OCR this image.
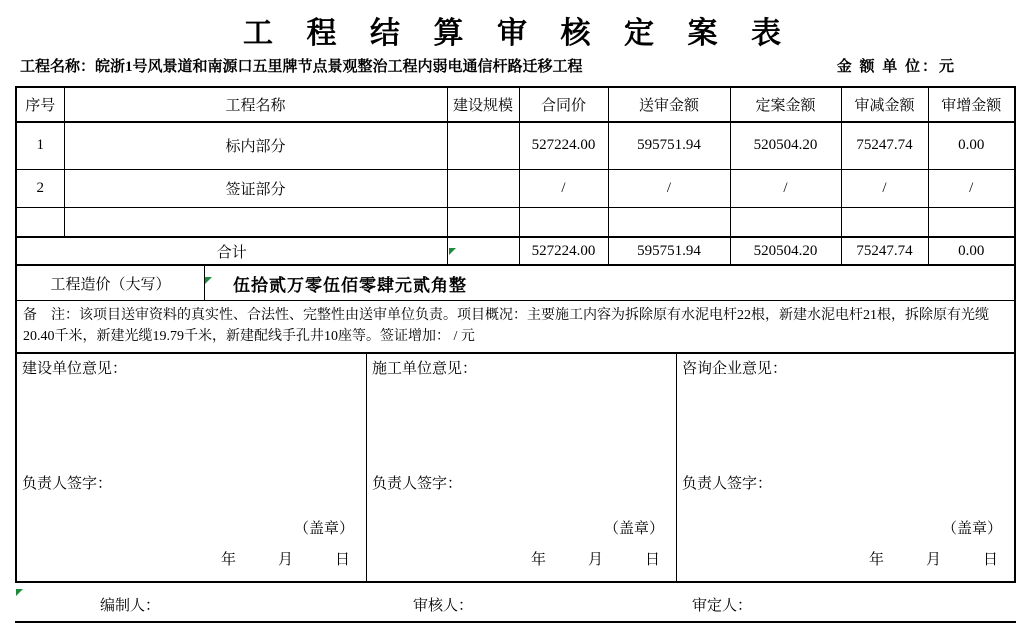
工 程 结 算 审 核 定 案 表
工程名称：皖浙1号风景道和南源口五里牌节点景观整治工程内弱电通信杆路迁移工程	金 额 单 位：元
序号	工程名称	建设规模	合同价	送审金额	定案金额	审减金额	审增金额
1	标内部分		527224.00	595751.94	520504.20	75247.74	0.00
2	签证部分		/	/	/	/	/

合计			527224.00	595751.94	520504.20	75247.74	0.00
工程造价（大写）	伍拾贰万零伍佰零肆元贰角整
备　注：该项目送审资料的真实性、合法性、完整性由送审单位负责。项目概况：主要施工内容为拆除原有水泥电杆22根，新建水泥电杆21根，拆除原有光缆20.40千米，新建光缆19.79千米，新建配线手孔井10座等。签证增加： / 元
建设单位意见：
负责人签字：
（盖章）
年	月	日
施工单位意见：
负责人签字：
（盖章）
年	月	日
咨询企业意见：
负责人签字：
（盖章）
年	月	日
编制人：	审核人：	审定人：
